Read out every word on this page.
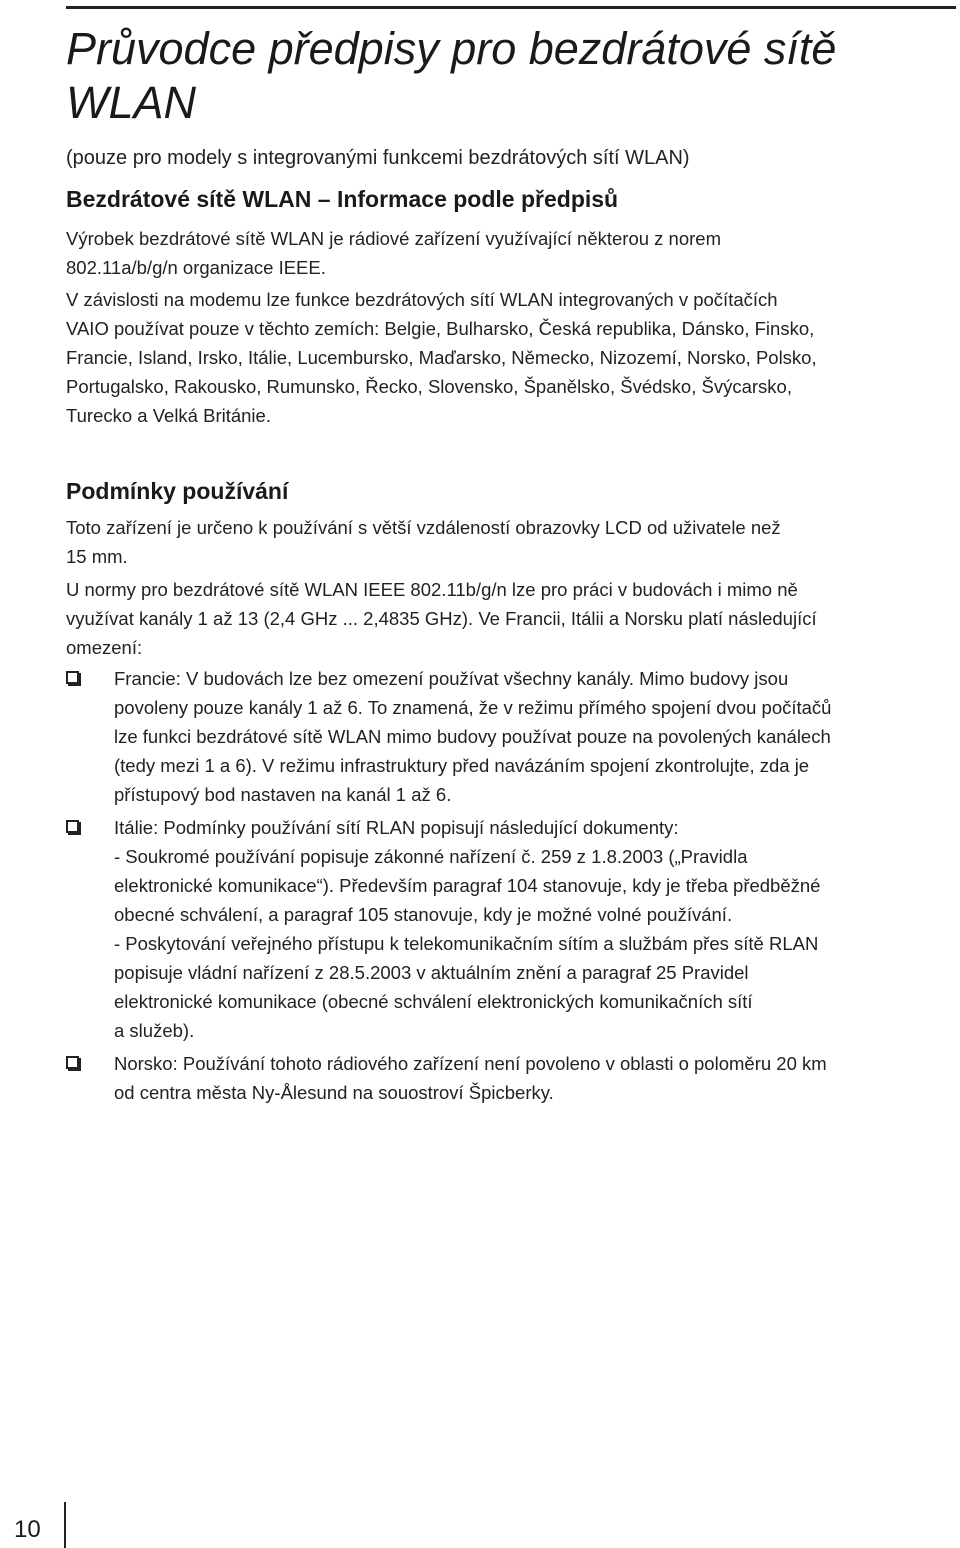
Průvodce předpisy pro bezdrátové sítě
WLAN
(pouze pro modely s integrovanými funkcemi bezdrátových sítí WLAN)
Bezdrátové sítě WLAN – Informace podle předpisů

Výrobek bezdrátové sítě WLAN je rádiové zařízení využívající některou z norem
802.11a/b/g/n organizace IEEE.

V závislosti na modemu lze funkce bezdrátových sítí WLAN integrovaných v počítačích
VAIO používat pouze v těchto zemích: Belgie, Bulharsko, Česká republika, Dánsko, Finsko,
Francie, Island, Irsko, Itálie, Lucembursko, Maďarsko, Německo, Nizozemí, Norsko, Polsko,
Portugalsko, Rakousko, Rumunsko, Řecko, Slovensko, Španělsko, Švédsko, Švýcarsko,
Turecko a Velká Británie.

Podmínky používání

Toto zařízení je určeno k používání s větší vzdáleností obrazovky LCD od uživatele než
15 mm.

U normy pro bezdrátové sítě WLAN IEEE 802.11b/g/n lze pro práci v budovách i mimo ně
využívat kanály 1 až 13 (2,4 GHz ... 2,4835 GHz). Ve Francii, Itálii a Norsku platí následující
omezení:

Francie: V budovách lze bez omezení používat všechny kanály. Mimo budovy jsou
povoleny pouze kanály 1 až 6. To znamená, že v režimu přímého spojení dvou počítačů
lze funkci bezdrátové sítě WLAN mimo budovy používat pouze na povolených kanálech
(tedy mezi 1 a 6). V režimu infrastruktury před navázáním spojení zkontrolujte, zda je
přístupový bod nastaven na kanál 1 až 6.
Itálie: Podmínky používání sítí RLAN popisují následující dokumenty:
- Soukromé používání popisuje zákonné nařízení č. 259 z 1.8.2003 („Pravidla
elektronické komunikace“). Především paragraf 104 stanovuje, kdy je třeba předběžné
obecné schválení, a paragraf 105 stanovuje, kdy je možné volné používání.
- Poskytování veřejného přístupu k telekomunikačním sítím a službám přes sítě RLAN
popisuje vládní nařízení z 28.5.2003 v aktuálním znění a paragraf 25 Pravidel
elektronické komunikace (obecné schválení elektronických komunikačních sítí
a služeb).
Norsko: Používání tohoto rádiového zařízení není povoleno v oblasti o poloměru 20 km
od centra města Ny-Ålesund na souostroví Špicberky.
10
